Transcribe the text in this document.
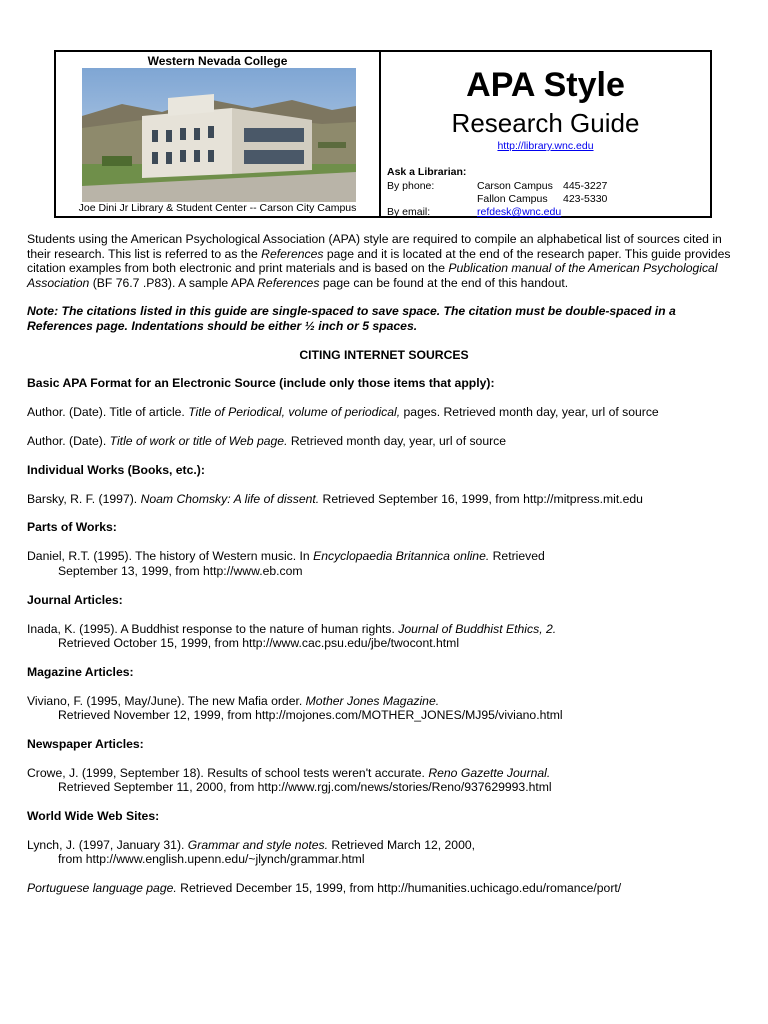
Western Nevada College
Joe Dini Jr Library & Student Center -- Carson City Campus
APA Style
Research Guide
http://library.wnc.edu
Ask a Librarian:
By phone:	Carson Campus 445-3227
Fallon Campus 423-5330
By email:	refdesk@wnc.edu
Students using the American Psychological Association (APA) style are required to compile an alphabetical list of sources cited in their research. This list is referred to as the References page and it is located at the end of the research paper. This guide provides citation examples from both electronic and print materials and is based on the Publication manual of the American Psychological Association (BF 76.7 .P83). A sample APA References page can be found at the end of this handout.
Note: The citations listed in this guide are single-spaced to save space. The citation must be double-spaced in a References page. Indentations should be either ½ inch or 5 spaces.
CITING INTERNET SOURCES
Basic APA Format for an Electronic Source (include only those items that apply):
Author. (Date). Title of article. Title of Periodical, volume of periodical, pages. Retrieved month day, year, url of source
Author. (Date). Title of work or title of Web page. Retrieved month day, year, url of source
Individual Works (Books, etc.):
Barsky, R. F. (1997). Noam Chomsky: A life of dissent. Retrieved September 16, 1999, from http://mitpress.mit.edu
Parts of Works:
Daniel, R.T. (1995). The history of Western music. In Encyclopaedia Britannica online. Retrieved
September 13, 1999, from http://www.eb.com
Journal Articles:
Inada, K. (1995). A Buddhist response to the nature of human rights. Journal of Buddhist Ethics, 2.
Retrieved October 15, 1999, from http://www.cac.psu.edu/jbe/twocont.html
Magazine Articles:
Viviano, F. (1995, May/June). The new Mafia order. Mother Jones Magazine.
Retrieved November 12, 1999, from http://mojones.com/MOTHER_JONES/MJ95/viviano.html
Newspaper Articles:
Crowe, J. (1999, September 18). Results of school tests weren't accurate. Reno Gazette Journal.
Retrieved September 11, 2000, from http://www.rgj.com/news/stories/Reno/937629993.html
World Wide Web Sites:
Lynch, J. (1997, January 31). Grammar and style notes. Retrieved March 12, 2000,
from http://www.english.upenn.edu/~jlynch/grammar.html
Portuguese language page. Retrieved December 15, 1999, from http://humanities.uchicago.edu/romance/port/
